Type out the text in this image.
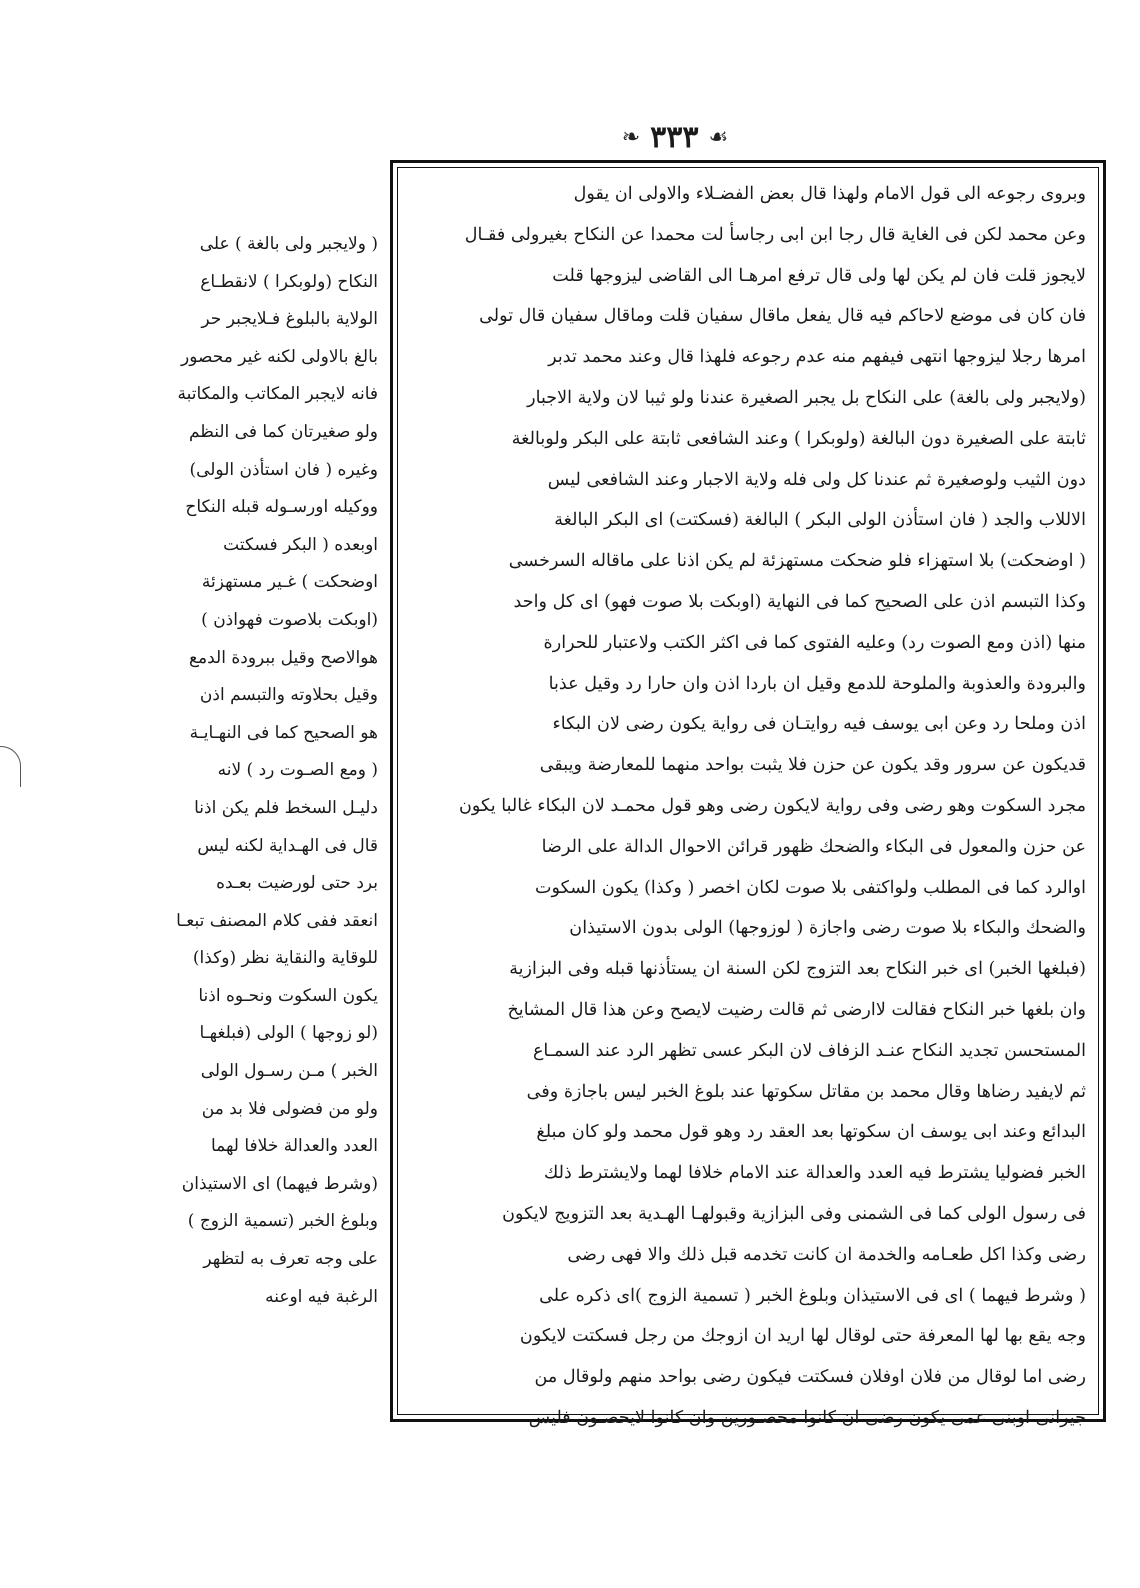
❧ ٣٣٣ ☙
وبروى رجوعه الى قول الامام ولهذا قال بعض الفضـلاء والاولى ان يقول
وعن محمد لكن فى الغاية قال رجا ابن ابى رجاسأ لت محمدا عن النكاح بغيرولى فقـال
لايجوز قلت فان لم يكن لها ولى قال ترفع امرهـا الى القاضى ليزوجها قلت
فان كان فى موضع لاحاكم فيه قال يفعل ماقال سفيان قلت وماقال سفيان قال تولى
امرها رجلا ليزوجها انتهى فيفهم منه عدم رجوعه فلهذا قال وعند محمد تدبر
(ولايجبر ولى بالغة) على النكاح بل يجبر الصغيرة عندنا ولو ثيبا لان ولاية الاجبار
ثابتة على الصغيرة دون البالغة (ولوبكرا ) وعند الشافعى ثابتة على البكر ولوبالغة
دون الثيب ولوصغيرة ثم عندنا كل ولى فله ولاية الاجبار وعند الشافعى ليس
الاللاب والجد ( فان استأذن الولى البكر ) البالغة (فسكتت) اى البكر البالغة
( اوضحكت) بلا استهزاء فلو ضحكت مستهزئة لم يكن اذنا على ماقاله السرخسى
وكذا التبسم اذن على الصحيح كما فى النهاية (اوبكت بلا صوت فهو) اى كل واحد
منها (اذن ومع الصوت رد) وعليه الفتوى كما فى اكثر الكتب ولاعتبار للحرارة
والبرودة والعذوبة والملوحة للدمع وقيل ان باردا اذن وان حارا رد وقيل عذبا
اذن وملحا رد وعن ابى يوسف فيه روايتـان فى رواية يكون رضى لان البكاء
قديكون عن سرور وقد يكون عن حزن فلا يثبت بواحد منهما للمعارضة ويبقى
مجرد السكوت وهو رضى وفى رواية لايكون رضى وهو قول محمـد لان البكاء غالبا يكون
عن حزن والمعول فى البكاء والضحك ظهور قرائن الاحوال الدالة على الرضا
اوالرد كما فى المطلب ولواكتفى بلا صوت لكان اخصر ( وكذا) يكون السكوت
والضحك والبكاء بلا صوت رضى واجازة ( لوزوجها) الولى بدون الاستيذان
(فبلغها الخبر) اى خبر النكاح بعد التزوج لكن السنة ان يستأذنها قبله وفى البزازية
وان بلغها خبر النكاح فقالت لاارضى ثم قالت رضيت لايصح وعن هذا قال المشايخ
المستحسن تجديد النكاح عنـد الزفاف لان البكر عسى تظهر الرد عند السمـاع
ثم لايفيد رضاها وقال محمد بن مقاتل سكوتها عند بلوغ الخبر ليس باجازة وفى
البدائع وعند ابى يوسف ان سكوتها بعد العقد رد وهو قول محمد ولو كان مبلغ
الخبر فضوليا يشترط فيه العدد والعدالة عند الامام خلافا لهما ولايشترط ذلك
فى رسول الولى كما فى الشمنى وفى البزازية وقبولهـا الهـدية بعد التزويج لايكون
رضى وكذا اكل طعـامه والخدمة ان كانت تخدمه قبل ذلك والا فهى رضى
( وشرط فيهما ) اى فى الاستيذان وبلوغ الخبر ( تسمية الزوج )اى ذكره على
وجه يقع بها لها المعرفة حتى لوقال لها اريد ان ازوجك من رجل فسكتت لايكون
رضى اما لوقال من فلان اوفلان فسكتت فيكون رضى بواحد منهم ولوقال من
جيرانى اوبنى عمى يكون رضى ان كانوا محصـورين وان كانوا لايحصـون فليس
( ولايجبر ولى بالغة ) على
النكاح (ولوبكرا ) لانقطـاع
الولاية بالبلوغ فـلايجبر حر
بالغ بالاولى لكنه غير محصور
فانه لايجبر المكاتب والمكاتبة
ولو صغيرتان كما فى النظم
وغيره ( فان استأذن الولى)
ووكيله اورسـوله قبله النكاح
اوبعده ( البكر فسكتت
اوضحكت ) غـير مستهزئة
(اوبكت بلاصوت فهواذن )
هوالاصح وقيل ببرودة الدمع
وقيل بحلاوته والتبسم اذن
هو الصحيح كما فى النهـايـة
( ومع الصـوت رد ) لانه
دليـل السخط فلم يكن اذنا
قال فى الهـداية لكنه ليس
برد حتى لورضيت بعـده
انعقد ففى كلام المصنف تبعـا
للوقاية والنقاية نظر (وكذا)
يكون السكوت ونحـوه اذنا
(لو زوجها ) الولى (فبلغهـا
الخبر ) مـن رسـول الولى
ولو من فضولى فلا بد من
العدد والعدالة خلافا لهما
(وشرط فيهما) اى الاستيذان
وبلوغ الخبر (تسمية الزوج )
على وجه تعرف به لتظهر
الرغبة فيه اوعنه
